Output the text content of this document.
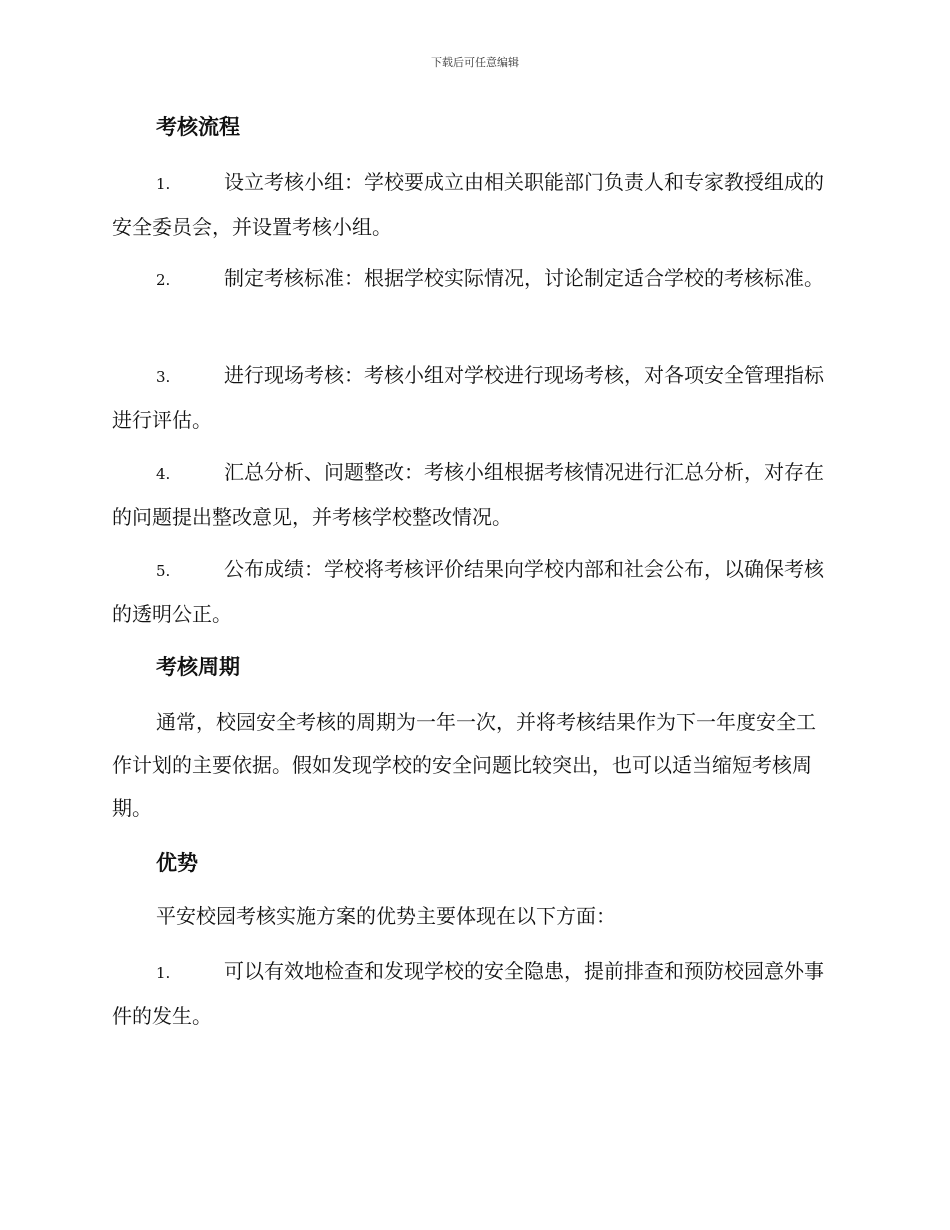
下载后可任意编辑
考核流程

1.	设立考核小组：学校要成立由相关职能部门负责人和专家教授组成的安全委员会，并设置考核小组。

2.	制定考核标准：根据学校实际情况，讨论制定适合学校的考核标准。

3.	进行现场考核：考核小组对学校进行现场考核，对各项安全管理指标进行评估。

4.	汇总分析、问题整改：考核小组根据考核情况进行汇总分析，对存在的问题提出整改意见，并考核学校整改情况。

5.	公布成绩：学校将考核评价结果向学校内部和社会公布，以确保考核的透明公正。

考核周期

通常，校园安全考核的周期为一年一次，并将考核结果作为下一年度安全工作计划的主要依据。假如发现学校的安全问题比较突出，也可以适当缩短考核周期。

优势

平安校园考核实施方案的优势主要体现在以下方面：

1.	可以有效地检查和发现学校的安全隐患，提前排查和预防校园意外事件的发生。
